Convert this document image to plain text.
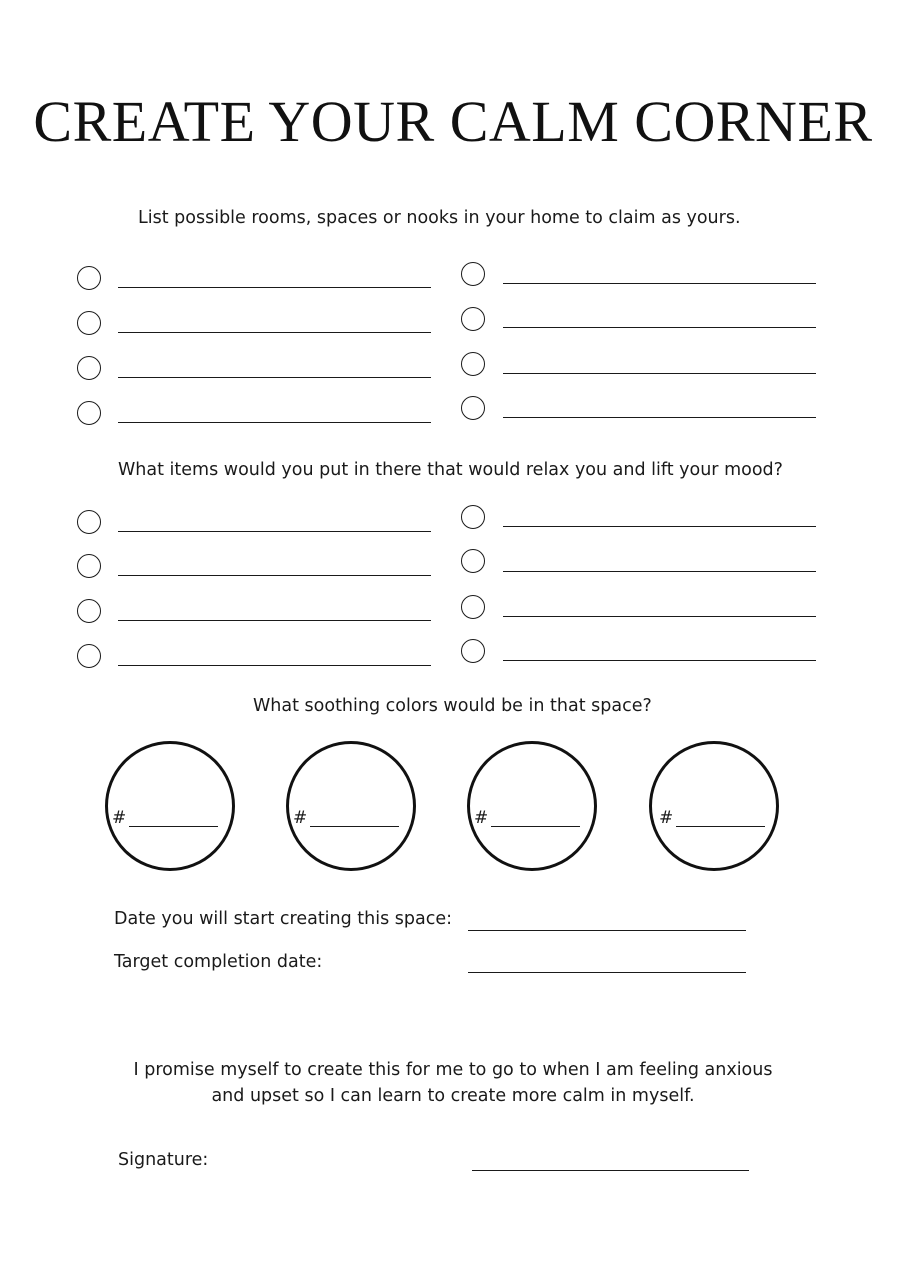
CREATE YOUR CALM CORNER
List possible rooms, spaces or nooks in your home to claim as yours.
What items would you put in there that would relax you and lift your mood?
What soothing colors would be in that space?
#	#	#	#
Date you will start creating this space:
Target completion date:
I promise myself to create this for me to go to when I am feeling anxious
and upset so I can learn to create more calm in myself.
Signature:
